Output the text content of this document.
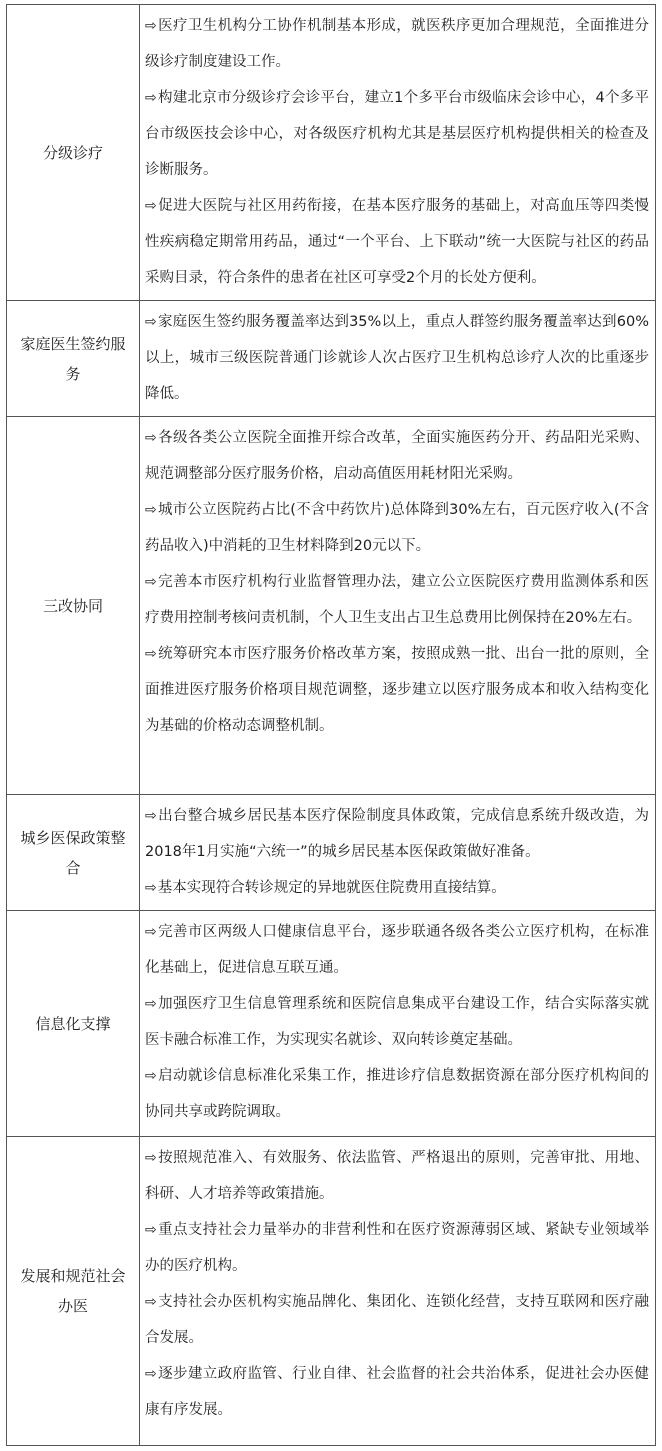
分级诊疗	⇨医疗卫生机构分工协作机制基本形成，就医秩序更加合理规范，全面推进分级诊疗制度建设工作。

⇨构建北京市分级诊疗会诊平台，建立1个多平台市级临床会诊中心，4个多平台市级医技会诊中心，对各级医疗机构尤其是基层医疗机构提供相关的检查及诊断服务。

⇨促进大医院与社区用药衔接，在基本医疗服务的基础上，对高血压等四类慢性疾病稳定期常用药品，通过“一个平台、上下联动”统一大医院与社区的药品采购目录，符合条件的患者在社区可享受2个月的长处方便利。

家庭医生签约服务	⇨家庭医生签约服务覆盖率达到35%以上，重点人群签约服务覆盖率达到60%以上，城市三级医院普通门诊就诊人次占医疗卫生机构总诊疗人次的比重逐步降低。

三改协同	⇨各级各类公立医院全面推开综合改革，全面实施医药分开、药品阳光采购、规范调整部分医疗服务价格，启动高值医用耗材阳光采购。

⇨城市公立医院药占比(不含中药饮片)总体降到30%左右，百元医疗收入(不含药品收入)中消耗的卫生材料降到20元以下。

⇨完善本市医疗机构行业监督管理办法，建立公立医院医疗费用监测体系和医疗费用控制考核问责机制，个人卫生支出占卫生总费用比例保持在20%左右。

⇨统筹研究本市医疗服务价格改革方案，按照成熟一批、出台一批的原则，全面推进医疗服务价格项目规范调整，逐步建立以医疗服务成本和收入结构变化为基础的价格动态调整机制。

城乡医保政策整合	⇨出台整合城乡居民基本医疗保险制度具体政策，完成信息系统升级改造，为2018年1月实施“六统一”的城乡居民基本医保政策做好准备。

⇨基本实现符合转诊规定的异地就医住院费用直接结算。

信息化支撑	⇨完善市区两级人口健康信息平台，逐步联通各级各类公立医疗机构，在标准化基础上，促进信息互联互通。

⇨加强医疗卫生信息管理系统和医院信息集成平台建设工作，结合实际落实就医卡融合标准工作，为实现实名就诊、双向转诊奠定基础。

⇨启动就诊信息标准化采集工作，推进诊疗信息数据资源在部分医疗机构间的协同共享或跨院调取。

发展和规范社会办医	⇨按照规范准入、有效服务、依法监管、严格退出的原则，完善审批、用地、科研、人才培养等政策措施。

⇨重点支持社会力量举办的非营利性和在医疗资源薄弱区域、紧缺专业领域举办的医疗机构。

⇨支持社会办医机构实施品牌化、集团化、连锁化经营，支持互联网和医疗融合发展。

⇨逐步建立政府监管、行业自律、社会监督的社会共治体系，促进社会办医健康有序发展。
